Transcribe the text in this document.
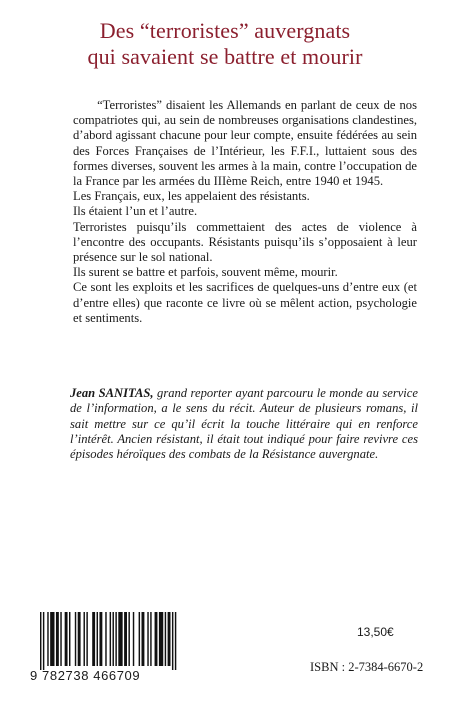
Des “terroristes” auvergnats
qui savaient se battre et mourir

“Terroristes” disaient les Allemands en parlant de ceux de nos compatriotes qui, au sein de nombreuses organisations clandestines, d’abord agissant chacune pour leur compte, ensuite fédérées au sein des Forces Françaises de l’Intérieur, les F.F.I., luttaient sous des formes diverses, souvent les armes à la main, contre l’occupation de la France par les armées du IIIème Reich, entre 1940 et 1945.

Les Français, eux, les appelaient des résistants.

Ils étaient l’un et l’autre.

Terroristes puisqu’ils commettaient des actes de violence à l’encontre des occupants. Résistants puisqu’ils s’opposaient à leur présence sur le sol national.

Ils surent se battre et parfois, souvent même, mourir.

Ce sont les exploits et les sacrifices de quelques-uns d’entre eux (et d’entre elles) que raconte ce livre où se mêlent action, psychologie et sentiments.

Jean SANITAS, grand reporter ayant parcouru le monde au service de l’information, a le sens du récit. Auteur de plusieurs romans, il sait mettre sur ce qu’il écrit la touche littéraire qui en renforce l’intérêt. Ancien résistant, il était tout indiqué pour faire revivre ces épisodes héroïques des combats de la Résistance auvergnate.
9 782738 466709
13,50€
ISBN : 2-7384-6670-2
